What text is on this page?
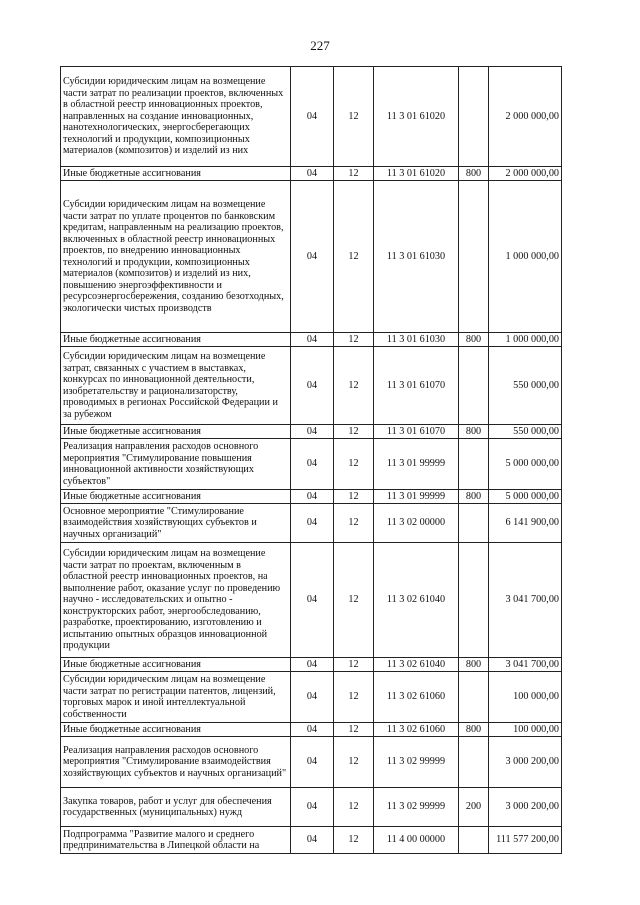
227
Субсидии юридическим лицам на возмещение части затрат по реализации проектов, включенных в областной реестр инновационных проектов, направленных на создание инновационных, нанотехнологических, энергосберегающих технологий и продукции, композиционных материалов (композитов) и изделий из них	04	12	11 3 01 61020		2 000 000,00
Иные бюджетные ассигнования	04	12	11 3 01 61020	800	2 000 000,00
Субсидии юридическим лицам на возмещение части затрат по уплате процентов по банковским кредитам, направленным на реализацию проектов, включенных в областной реестр инновационных проектов, по внедрению инновационных технологий и продукции, композиционных материалов (композитов) и изделий из них, повышению энергоэффективности и ресурсоэнергосбережения, созданию безотходных, экологически чистых производств	04	12	11 3 01 61030		1 000 000,00
Иные бюджетные ассигнования	04	12	11 3 01 61030	800	1 000 000,00
Субсидии юридическим лицам на возмещение затрат, связанных с участием в выставках, конкурсах по инновационной деятельности, изобретательству и рационализаторству, проводимых в регионах Российской Федерации и за рубежом	04	12	11 3 01 61070		550 000,00
Иные бюджетные ассигнования	04	12	11 3 01 61070	800	550 000,00
Реализация направления расходов основного мероприятия "Стимулирование повышения инновационной активности хозяйствующих субъектов"	04	12	11 3 01 99999		5 000 000,00
Иные бюджетные ассигнования	04	12	11 3 01 99999	800	5 000 000,00
Основное мероприятие "Стимулирование взаимодействия хозяйствующих субъектов и научных организаций"	04	12	11 3 02 00000		6 141 900,00
Субсидии юридическим лицам на возмещение части затрат по проектам, включенным в областной реестр инновационных проектов, на выполнение работ, оказание услуг по проведению научно - исследовательских и опытно - конструкторских работ, энергообследованию, разработке, проектированию, изготовлению и испытанию опытных образцов инновационной продукции	04	12	11 3 02 61040		3 041 700,00
Иные бюджетные ассигнования	04	12	11 3 02 61040	800	3 041 700,00
Субсидии юридическим лицам на возмещение части затрат по регистрации патентов, лицензий, торговых марок и иной интеллектуальной собственности	04	12	11 3 02 61060		100 000,00
Иные бюджетные ассигнования	04	12	11 3 02 61060	800	100 000,00
Реализация направления расходов основного мероприятия "Стимулирование взаимодействия хозяйствующих субъектов и научных организаций"	04	12	11 3 02 99999		3 000 200,00
Закупка товаров, работ и услуг для обеспечения государственных (муниципальных) нужд	04	12	11 3 02 99999	200	3 000 200,00
Подпрограмма "Развитие малого и среднего предпринимательства в Липецкой области на	04	12	11 4 00 00000		111 577 200,00
